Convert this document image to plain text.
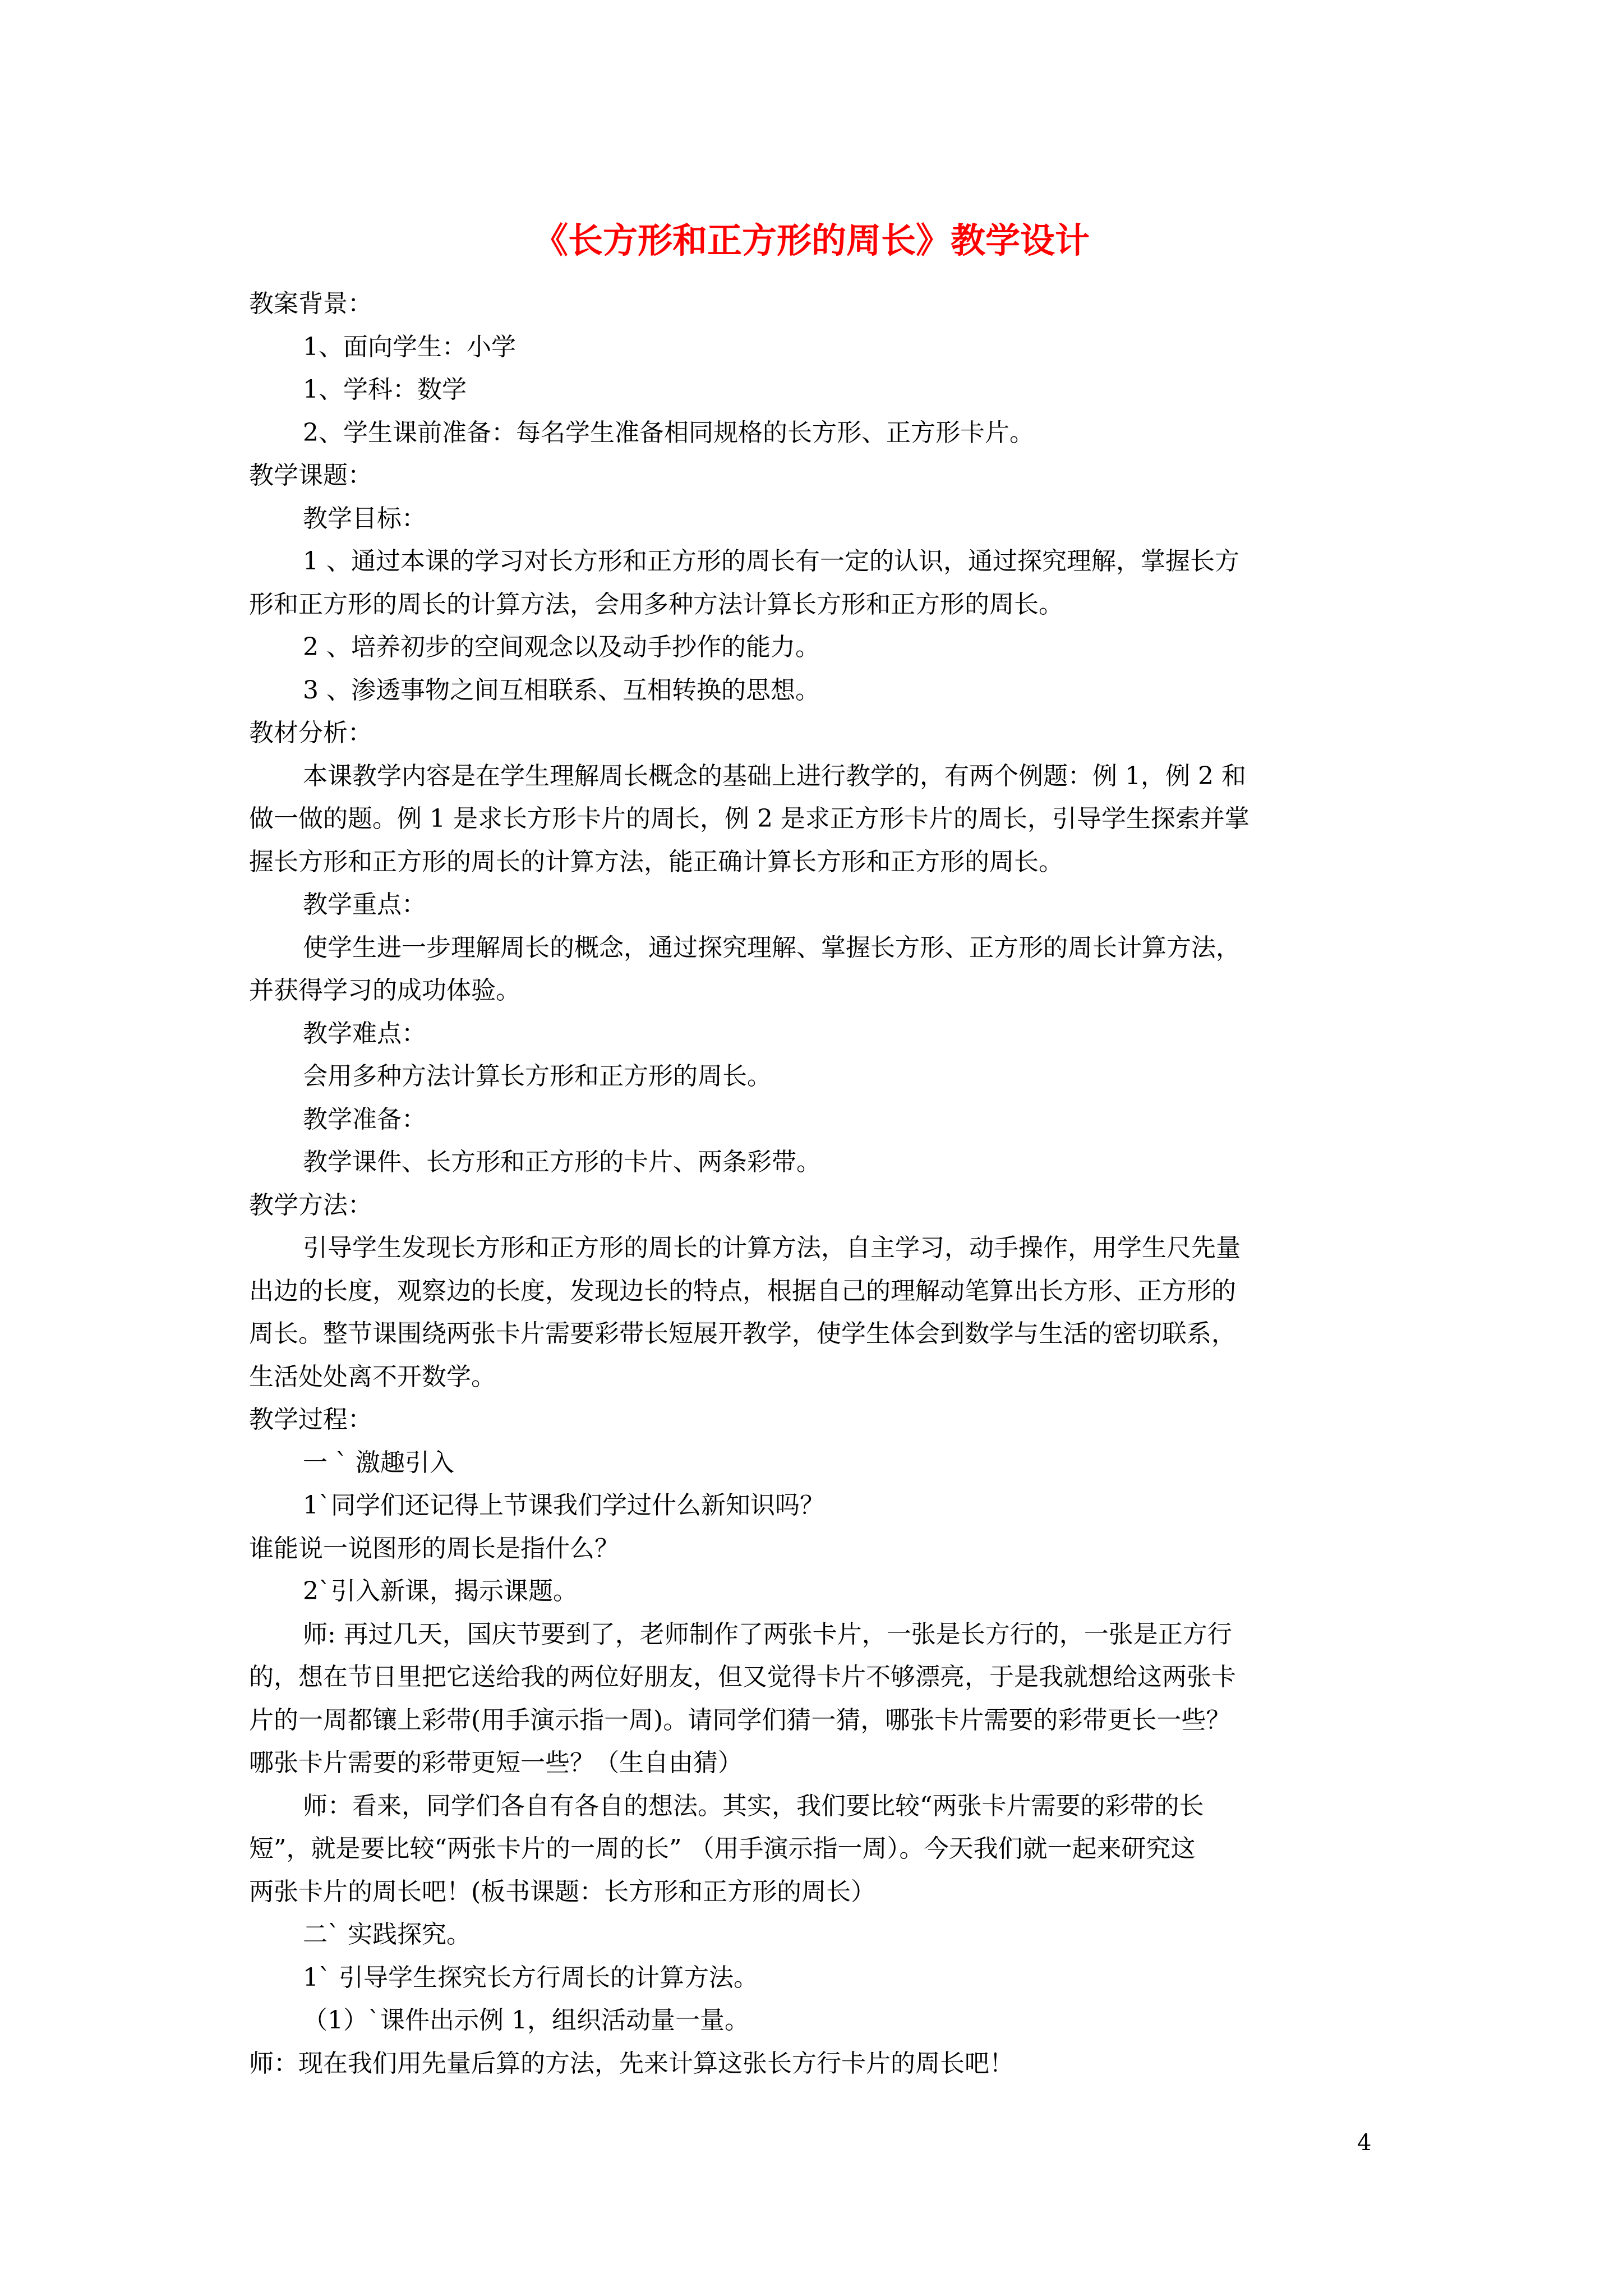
《长方形和正方形的周长》教学设计
教案背景：
1、面向学生：小学
1、学科：数学
2、学生课前准备：每名学生准备相同规格的长方形、正方形卡片。
教学课题：
教学目标：
1 、通过本课的学习对长方形和正方形的周长有一定的认识，通过探究理解，掌握长方
形和正方形的周长的计算方法，会用多种方法计算长方形和正方形的周长。
2 、培养初步的空间观念以及动手抄作的能力。
3 、渗透事物之间互相联系、互相转换的思想。
教材分析：
本课教学内容是在学生理解周长概念的基础上进行教学的，有两个例题：例 1，例 2 和
做一做的题。例 1 是求长方形卡片的周长，例 2 是求正方形卡片的周长，引导学生探索并掌
握长方形和正方形的周长的计算方法，能正确计算长方形和正方形的周长。
教学重点：
使学生进一步理解周长的概念，通过探究理解、掌握长方形、正方形的周长计算方法，
并获得学习的成功体验。
教学难点：
会用多种方法计算长方形和正方形的周长。
教学准备：
教学课件、长方形和正方形的卡片、两条彩带。
教学方法：
引导学生发现长方形和正方形的周长的计算方法，自主学习，动手操作，用学生尺先量
出边的长度，观察边的长度，发现边长的特点，根据自己的理解动笔算出长方形、正方形的
周长。整节课围绕两张卡片需要彩带长短展开教学，使学生体会到数学与生活的密切联系，
生活处处离不开数学。
教学过程：
一 ` 激趣引入
1`同学们还记得上节课我们学过什么新知识吗？
谁能说一说图形的周长是指什么？
2`引入新课，揭示课题。
师: 再过几天，国庆节要到了，老师制作了两张卡片，一张是长方行的，一张是正方行
的，想在节日里把它送给我的两位好朋友，但又觉得卡片不够漂亮，于是我就想给这两张卡
片的一周都镶上彩带(用手演示指一周)。请同学们猜一猜，哪张卡片需要的彩带更长一些？
哪张卡片需要的彩带更短一些？（生自由猜）
师：看来，同学们各自有各自的想法。其实，我们要比较“两张卡片需要的彩带的长
短”，就是要比较“两张卡片的一周的长” （用手演示指一周）。今天我们就一起来研究这
两张卡片的周长吧！(板书课题：长方形和正方形的周长）
二` 实践探究。
1` 引导学生探究长方行周长的计算方法。
（1）`课件出示例 1，组织活动量一量。
师：现在我们用先量后算的方法，先来计算这张长方行卡片的周长吧！
4
